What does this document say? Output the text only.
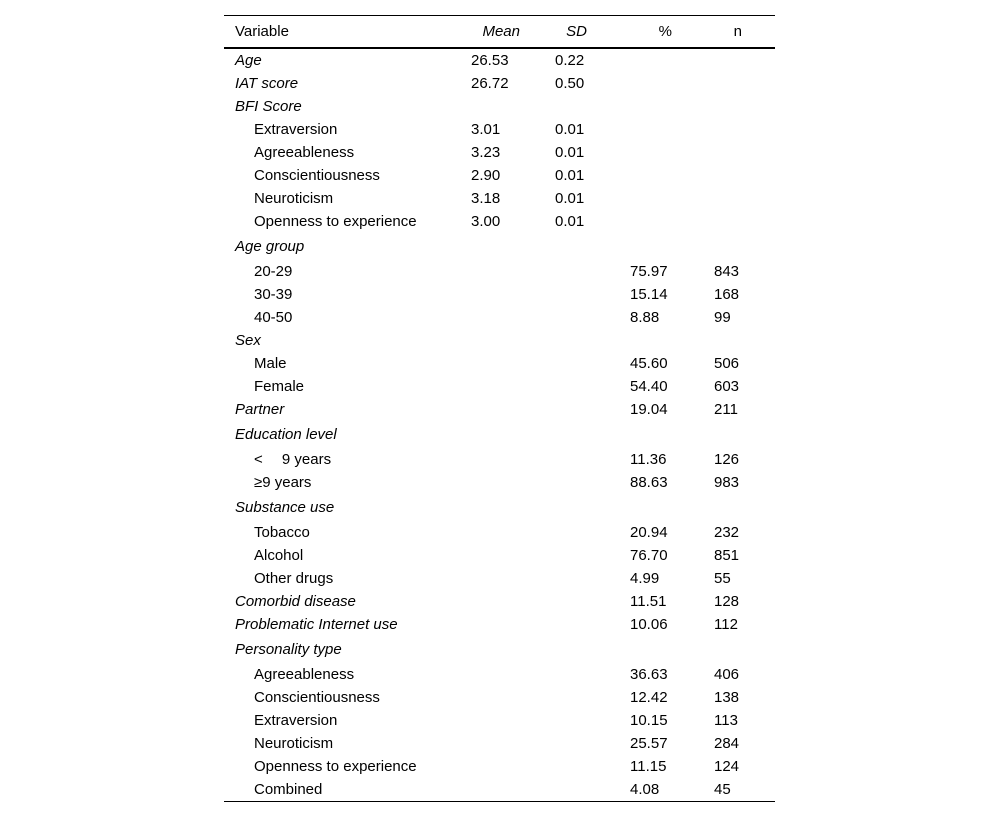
Variable	Mean	SD	%	n
Age	26.53	0.22		
IAT score	26.72	0.50		
BFI Score				
Extraversion	3.01	0.01		
Agreeableness	3.23	0.01		
Conscientiousness	2.90	0.01		
Neuroticism	3.18	0.01		
Openness to experience	3.00	0.01		
Age group				
20-29			75.97	843
30-39			15.14	168
40-50			8.88	99
Sex				
Male			45.60	506
Female			54.40	603
Partner			19.04	211
Education level				
<  9 years			11.36	126
≥9 years			88.63	983
Substance use				
Tobacco			20.94	232
Alcohol			76.70	851
Other drugs			4.99	55
Comorbid disease			11.51	128
Problematic Internet use			10.06	112
Personality type				
Agreeableness			36.63	406
Conscientiousness			12.42	138
Extraversion			10.15	113
Neuroticism			25.57	284
Openness to experience			11.15	124
Combined			4.08	45
